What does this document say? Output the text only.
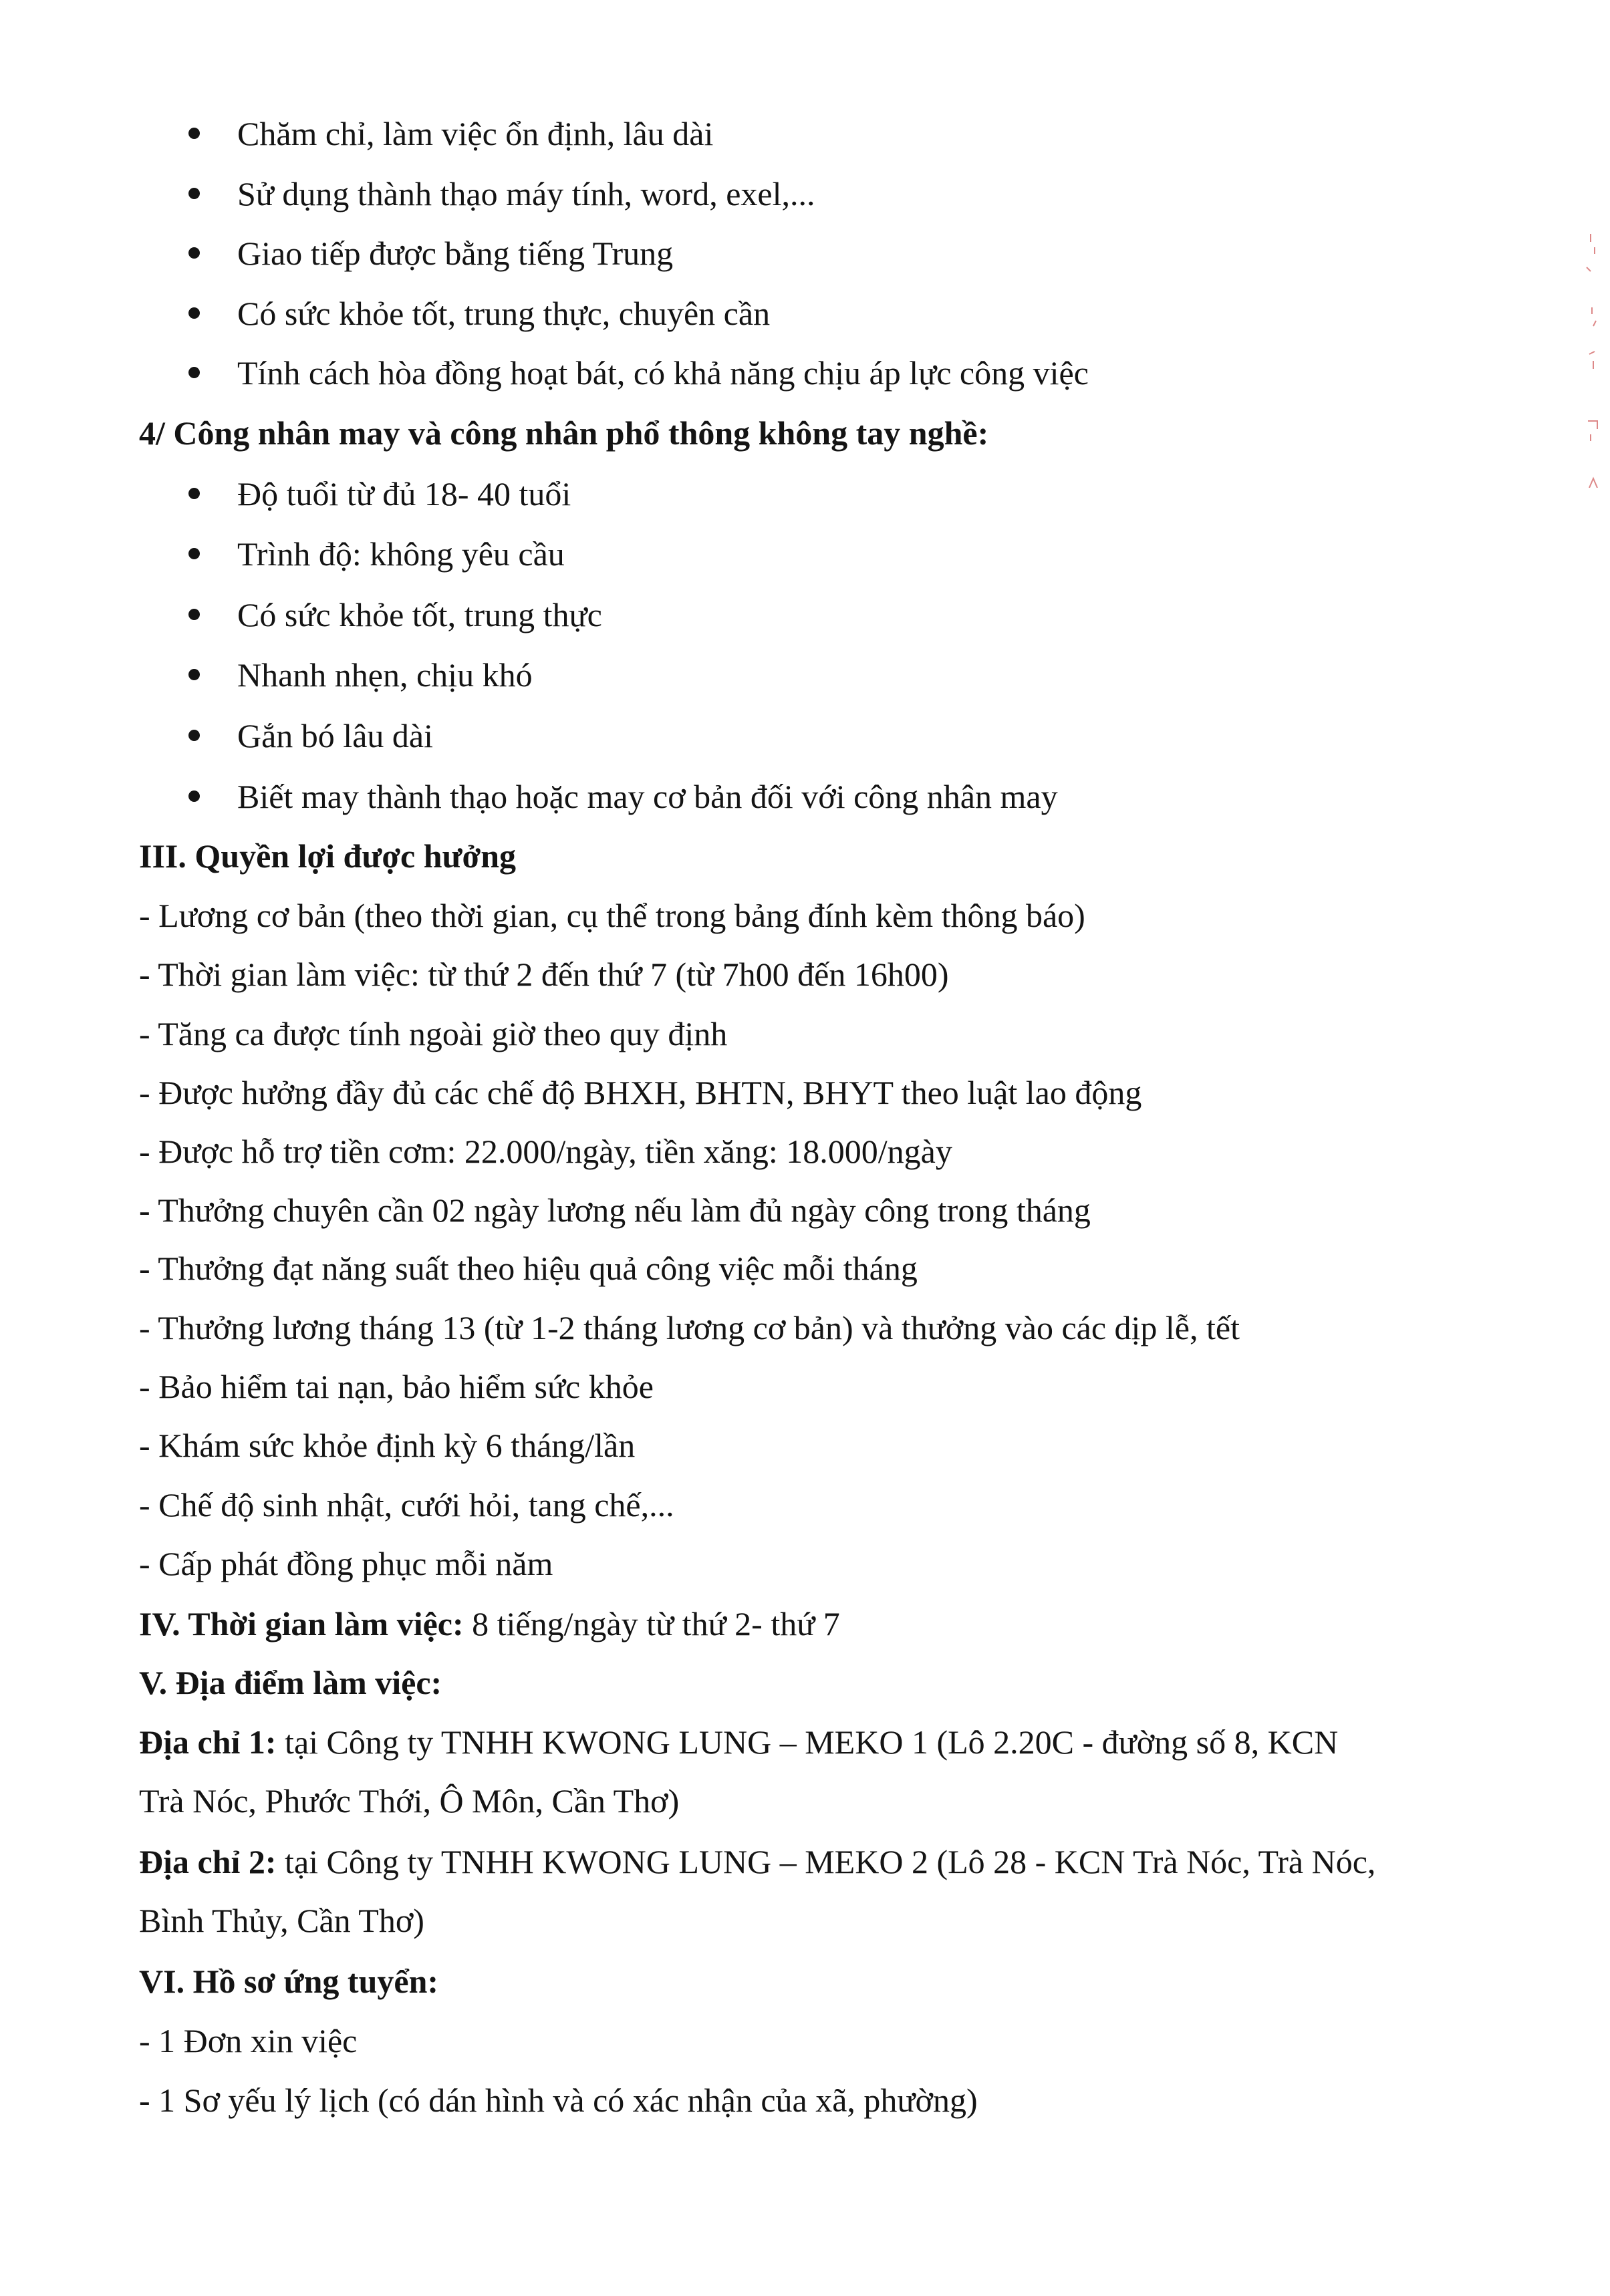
Chăm chỉ, làm việc ổn định, lâu dài
Sử dụng thành thạo máy tính, word, exel,...
Giao tiếp được bằng tiếng Trung
Có sức khỏe tốt, trung thực, chuyên cần
Tính cách hòa đồng hoạt bát, có khả năng chịu áp lực công việc
4/ Công nhân may và công nhân phổ thông không tay nghề:
Độ tuổi từ đủ 18- 40 tuổi
Trình độ: không yêu cầu
Có sức khỏe tốt, trung thực
Nhanh nhẹn, chịu khó
Gắn bó lâu dài
Biết may thành thạo hoặc may cơ bản đối với công nhân may
III. Quyền lợi được hưởng
- Lương cơ bản (theo thời gian, cụ thể trong bảng đính kèm thông báo)
- Thời gian làm việc: từ thứ 2 đến thứ 7 (từ 7h00 đến 16h00)
- Tăng ca được tính ngoài giờ theo quy định
- Được hưởng đầy đủ các chế độ BHXH, BHTN, BHYT theo luật lao động
- Được hỗ trợ tiền cơm: 22.000/ngày, tiền xăng: 18.000/ngày
- Thưởng chuyên cần 02 ngày lương nếu làm đủ ngày công trong tháng
- Thưởng đạt năng suất theo hiệu quả công việc mỗi tháng
- Thưởng lương tháng 13 (từ 1-2 tháng lương cơ bản) và thưởng vào các dịp lễ, tết
- Bảo hiểm tai nạn, bảo hiểm sức khỏe
- Khám sức khỏe định kỳ 6 tháng/lần
- Chế độ sinh nhật, cưới hỏi, tang chế,...
- Cấp phát đồng phục mỗi năm
IV. Thời gian làm việc: 8 tiếng/ngày từ thứ 2- thứ 7
V. Địa điểm làm việc:
Địa chỉ 1: tại Công ty TNHH KWONG LUNG – MEKO 1 (Lô 2.20C - đường số 8, KCN
Trà Nóc, Phước Thới, Ô Môn, Cần Thơ)
Địa chỉ 2: tại Công ty TNHH KWONG LUNG – MEKO 2 (Lô 28 - KCN Trà Nóc, Trà Nóc,
Bình Thủy, Cần Thơ)
VI. Hồ sơ ứng tuyển:
- 1 Đơn xin việc
- 1 Sơ yếu lý lịch (có dán hình và có xác nhận của xã, phường)
